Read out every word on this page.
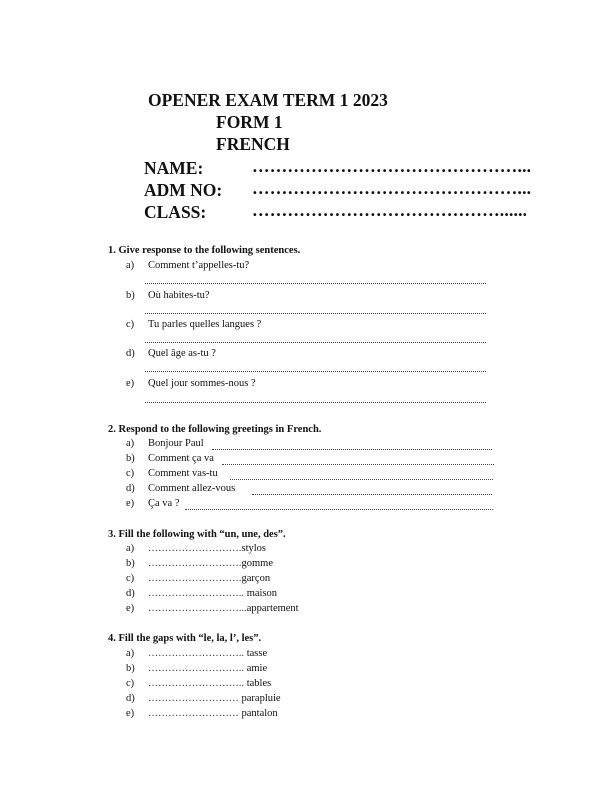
OPENER EXAM TERM 1 2023
FORM 1
FRENCH
NAME:	………………………………………...
ADM NO: ………………………………………...
CLASS:	……………………………………......
1. Give response to the following sentences.
a) Comment t’appelles-tu?
b) Où habites-tu?
c) Tu parles quelles langues ?
d) Quel âge as-tu ?
e) Quel jour sommes-nous ?
2. Respond to the following greetings in French.
a) Bonjour Paul
b) Comment ça va
c) Comment vas-tu
d) Comment allez-vous
e) Ça va ?
3. Fill the following with “un, une, des”.
a) ……………………….stylos
b) ……………………….gomme
c) ……………………….garçon
d) ……………………….. maison
e) ………………………...appartement
4. Fill the gaps with “le, la, l’, les”.
a) ……………………….. tasse
b) ……………………….. amie
c) ……………………….. tables
d) ……………………… parapluie
e) ……………………… pantalon
